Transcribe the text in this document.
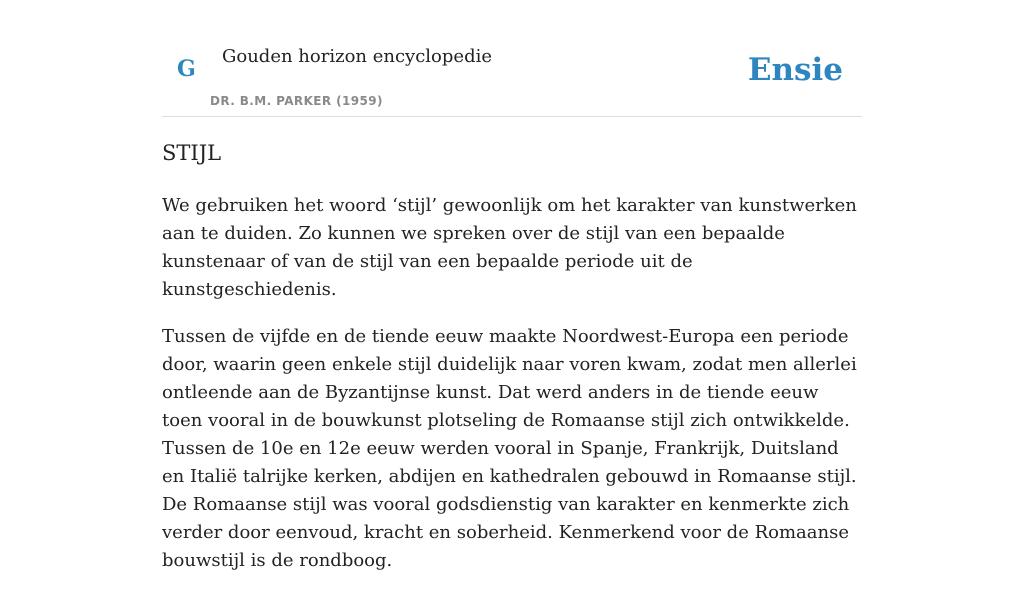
G Gouden horizon encyclopedie
DR. B.M. PARKER (1959)
Ensie
STIJL

We gebruiken het woord ‘stijl’ gewoonlijk om het karakter van kunstwerken aan te duiden. Zo kunnen we spreken over de stijl van een bepaalde kunstenaar of van de stijl van een bepaalde periode uit de kunstgeschiedenis.

Tussen de vijfde en de tiende eeuw maakte Noordwest-Europa een periode door, waarin geen enkele stijl duidelijk naar voren kwam, zodat men allerlei ontleende aan de Byzantijnse kunst. Dat werd anders in de tiende eeuw toen vooral in de bouwkunst plotseling de Romaanse stijl zich ontwikkelde. Tussen de 10e en 12e eeuw werden vooral in Spanje, Frankrijk, Duitsland en Italië talrijke kerken, abdijen en kathedralen gebouwd in Romaanse stijl. De Romaanse stijl was vooral godsdienstig van karakter en kenmerkte zich verder door eenvoud, kracht en soberheid. Kenmerkend voor de Romaanse bouwstijl is de rondboog.
